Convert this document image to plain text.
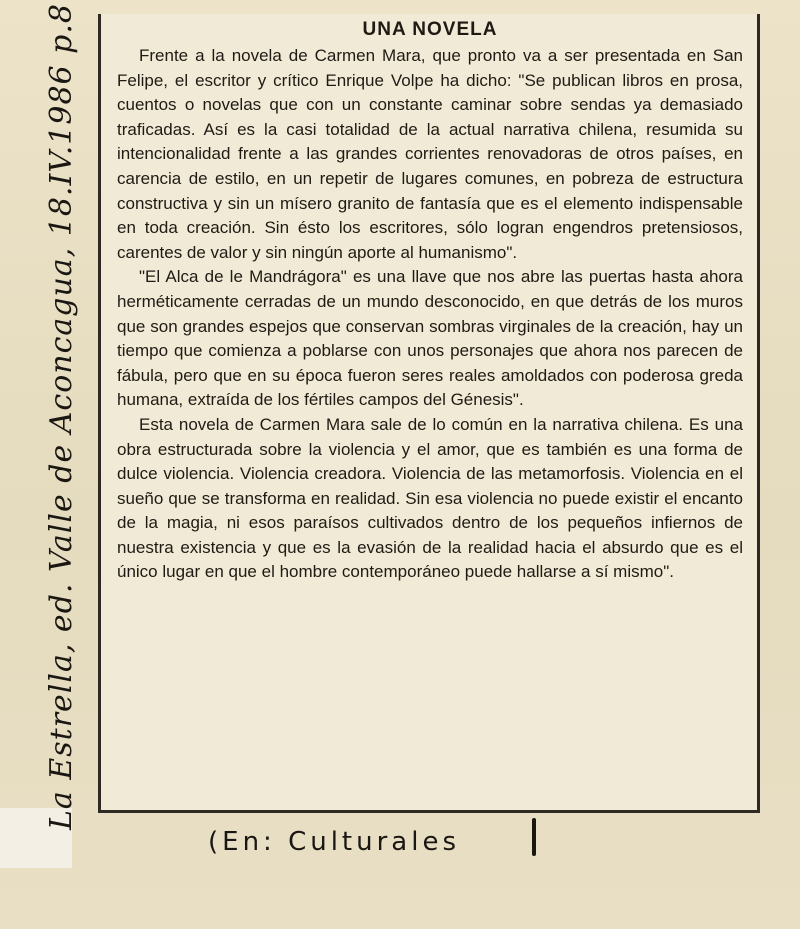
La Estrella, ed. Valle de Aconcagua, 18.IV.1986 p.8	UNA NOVELA

Frente a la novela de Carmen Mara, que pronto va a ser presentada en San Felipe, el escritor y crítico Enrique Volpe ha dicho: "Se publican libros en prosa, cuentos o novelas que con un constante caminar sobre sendas ya demasiado traficadas. Así es la casi totalidad de la actual narrativa chilena, resumida su intencionalidad frente a las grandes corrientes renovadoras de otros países, en carencia de estilo, en un repetir de lugares comunes, en pobreza de estructura constructiva y sin un mísero granito de fantasía que es el elemento indispensable en toda creación. Sin ésto los escritores, sólo logran engendros pretensiosos, carentes de valor y sin ningún aporte al humanismo".

"El Alca de le Mandrágora" es una llave que nos abre las puertas hasta ahora herméticamente cerradas de un mundo desconocido, en que detrás de los muros que son grandes espejos que conservan sombras virginales de la creación, hay un tiempo que comienza a poblarse con unos personajes que ahora nos parecen de fábula, pero que en su época fueron seres reales amoldados con poderosa greda humana, extraída de los fértiles campos del Génesis".

Esta novela de Carmen Mara sale de lo común en la narrativa chilena. Es una obra estructurada sobre la violencia y el amor, que es también es una forma de dulce violencia. Violencia creadora. Violencia de las metamorfosis. Violencia en el sueño que se transforma en realidad. Sin esa violencia no puede existir el encanto de la magia, ni esos paraísos cultivados dentro de los pequeños infiernos de nuestra existencia y que es la evasión de la realidad hacia el absurdo que es el único lugar en que el hombre contemporáneo puede hallarse a sí mismo".

(En: Culturales
